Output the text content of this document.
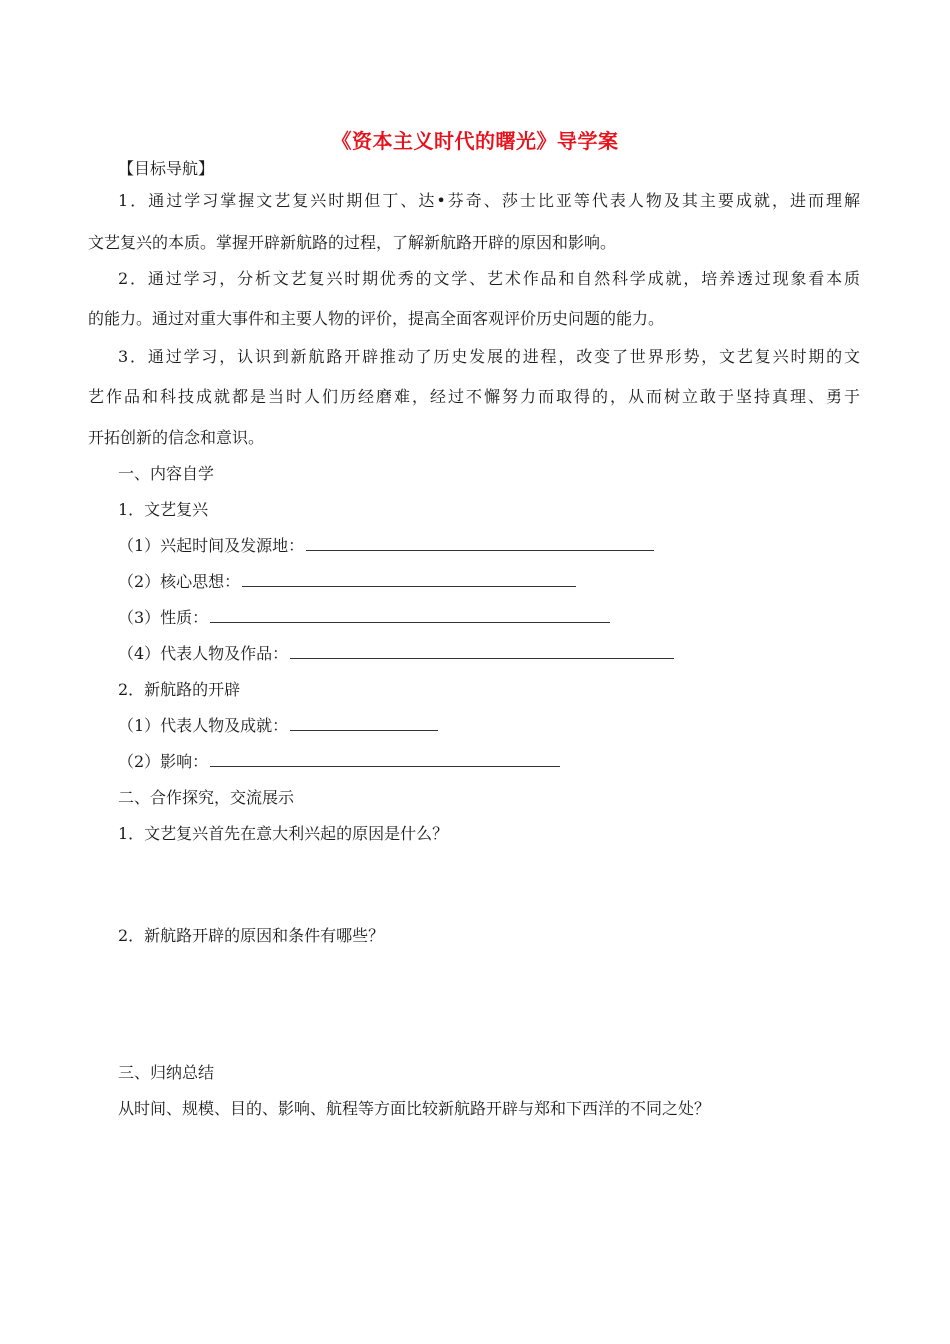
《资本主义时代的曙光》导学案
【目标导航】
1．通过学习掌握文艺复兴时期但丁、达•芬奇、莎士比亚等代表人物及其主要成就，进而理解
文艺复兴的本质。掌握开辟新航路的过程，了解新航路开辟的原因和影响。
2．通过学习，分析文艺复兴时期优秀的文学、艺术作品和自然科学成就，培养透过现象看本质
的能力。通过对重大事件和主要人物的评价，提高全面客观评价历史问题的能力。
3．通过学习，认识到新航路开辟推动了历史发展的进程，改变了世界形势，文艺复兴时期的文
艺作品和科技成就都是当时人们历经磨难，经过不懈努力而取得的，从而树立敢于坚持真理、勇于
开拓创新的信念和意识。
一、内容自学
1．文艺复兴
（1）兴起时间及发源地：
（2）核心思想：
（3）性质：
（4）代表人物及作品：
2．新航路的开辟
（1）代表人物及成就：
（2）影响：
二、合作探究，交流展示
1．文艺复兴首先在意大利兴起的原因是什么？
2．新航路开辟的原因和条件有哪些？
三、归纳总结
从时间、规模、目的、影响、航程等方面比较新航路开辟与郑和下西洋的不同之处？
